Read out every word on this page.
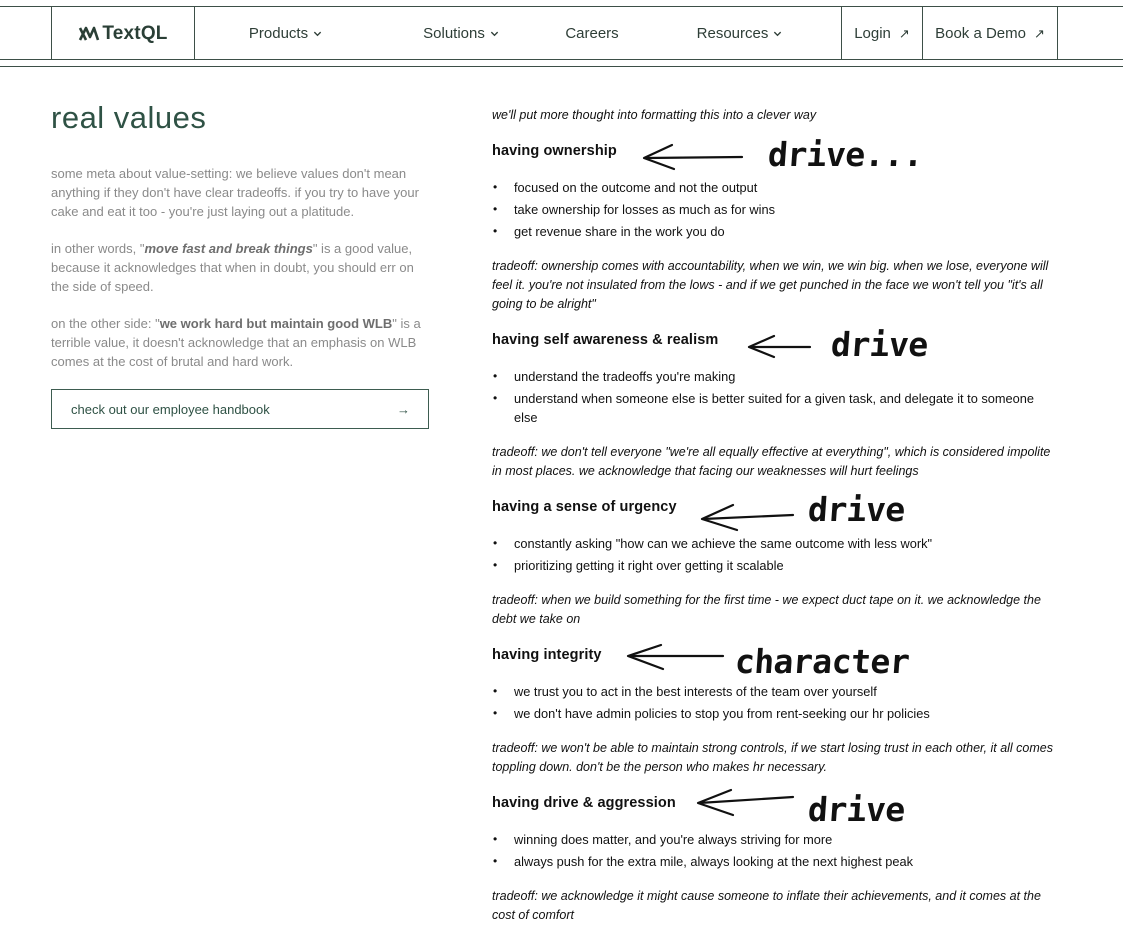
TextQL	Products	Solutions	Careers	Resources	Login ↗ Book a Demo ↗
real values

some meta about value-setting: we believe values don't mean anything if they don't have clear tradeoffs. if you try to have your cake and eat it too - you're just laying out a platitude.

in other words, "move fast and break things" is a good value, because it acknowledges that when in doubt, you should err on the side of speed.

on the other side: "we work hard but maintain good WLB" is a terrible value, it doesn't acknowledge that an emphasis on WLB comes at the cost of brutal and hard work.

check out our employee handbook	→

we'll put more thought into formatting this into a clever way

having ownership	drive...
• focused on the outcome and not the output
• take ownership for losses as much as for wins
• get revenue share in the work you do

tradeoff: ownership comes with accountability, when we win, we win big. when we lose, everyone will feel it. you're not insulated from the lows - and if we get punched in the face we won't tell you "it's all going to be alright"

having self awareness & realism	drive
• understand the tradeoffs you're making
• understand when someone else is better suited for a given task, and delegate it to someone else

tradeoff: we don't tell everyone "we're all equally effective at everything", which is considered impolite in most places. we acknowledge that facing our weaknesses will hurt feelings

having a sense of urgency	drive
• constantly asking "how can we achieve the same outcome with less work"
• prioritizing getting it right over getting it scalable

tradeoff: when we build something for the first time - we expect duct tape on it. we acknowledge the debt we take on

having integrity	character
• we trust you to act in the best interests of the team over yourself
• we don't have admin policies to stop you from rent-seeking our hr policies

tradeoff: we won't be able to maintain strong controls, if we start losing trust in each other, it all comes toppling down. don't be the person who makes hr necessary.

having drive & aggression	drive
• winning does matter, and you're always striving for more
• always push for the extra mile, always looking at the next highest peak

tradeoff: we acknowledge it might cause someone to inflate their achievements, and it comes at the cost of comfort
